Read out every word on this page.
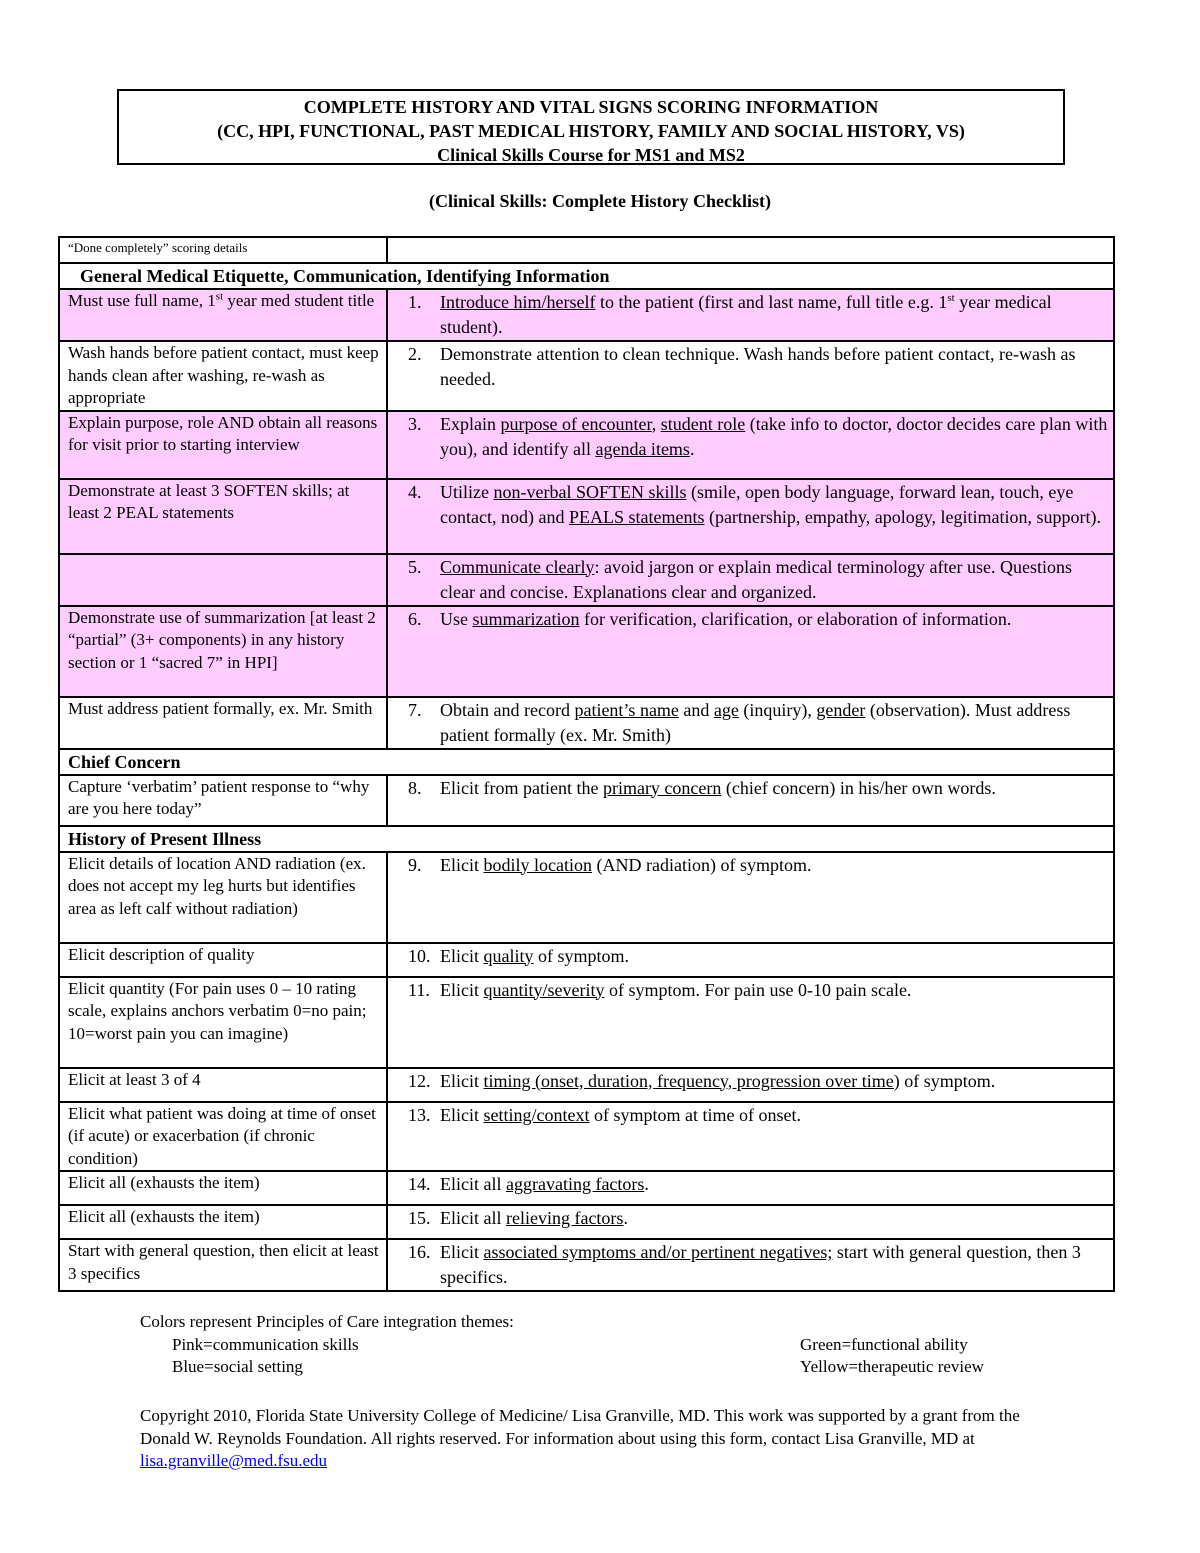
COMPLETE HISTORY AND VITAL SIGNS SCORING INFORMATION
(CC, HPI, FUNCTIONAL, PAST MEDICAL HISTORY, FAMILY AND SOCIAL HISTORY, VS)
Clinical Skills Course for MS1 and MS2
(Clinical Skills: Complete History Checklist)
“Done completely” scoring details	
General Medical Etiquette, Communication, Identifying Information	
Must use full name, 1st year med student title	1. Introduce him/herself to the patient (first and last name, full title e.g. 1st year medical student).

Wash hands before patient contact, must keep hands clean after washing, re-wash as appropriate	2. Demonstrate attention to clean technique. Wash hands before patient contact, re-wash as needed.

Explain purpose, role AND obtain all reasons for visit prior to starting interview	3. Explain purpose of encounter, student role (take info to doctor, doctor decides care plan with you), and identify all agenda items.

Demonstrate at least 3 SOFTEN skills; at least 2 PEAL statements	4. Utilize non-verbal SOFTEN skills (smile, open body language, forward lean, touch, eye contact, nod) and PEALS statements (partnership, empathy, apology, legitimation, support).

	5. Communicate clearly: avoid jargon or explain medical terminology after use. Questions clear and concise. Explanations clear and organized.

Demonstrate use of summarization [at least 2 “partial” (3+ components) in any history section or 1 “sacred 7” in HPI]	6. Use summarization for verification, clarification, or elaboration of information.

Must address patient formally, ex. Mr. Smith	7. Obtain and record patient’s name and age (inquiry), gender (observation). Must address patient formally (ex. Mr. Smith)

Chief Concern	
Capture ‘verbatim’ patient response to “why are you here today”	8. Elicit from patient the primary concern (chief concern) in his/her own words.

History of Present Illness	
Elicit details of location AND radiation (ex. does not accept my leg hurts but identifies area as left calf without radiation)	9. Elicit bodily location (AND radiation) of symptom.

Elicit description of quality	10. Elicit quality of symptom.

Elicit quantity (For pain uses 0 – 10 rating scale, explains anchors verbatim 0=no pain; 10=worst pain you can imagine)	11. Elicit quantity/severity of symptom. For pain use 0-10 pain scale.

Elicit at least 3 of 4	12. Elicit timing (onset, duration, frequency, progression over time) of symptom.

Elicit what patient was doing at time of onset (if acute) or exacerbation (if chronic condition)	13. Elicit setting/context of symptom at time of onset.

Elicit all (exhausts the item)	14. Elicit all aggravating factors.

Elicit all (exhausts the item)	15. Elicit all relieving factors.

Start with general question, then elicit at least 3 specifics	16. Elicit associated symptoms and/or pertinent negatives; start with general question, then 3 specifics.
Colors represent Principles of Care integration themes:
Pink=communication skills	Green=functional ability
Blue=social setting	Yellow=therapeutic review
Copyright 2010, Florida State University College of Medicine/ Lisa Granville, MD. This work was supported by a grant from the Donald W. Reynolds Foundation. All rights reserved. For information about using this form, contact Lisa Granville, MD at lisa.granville@med.fsu.edu
